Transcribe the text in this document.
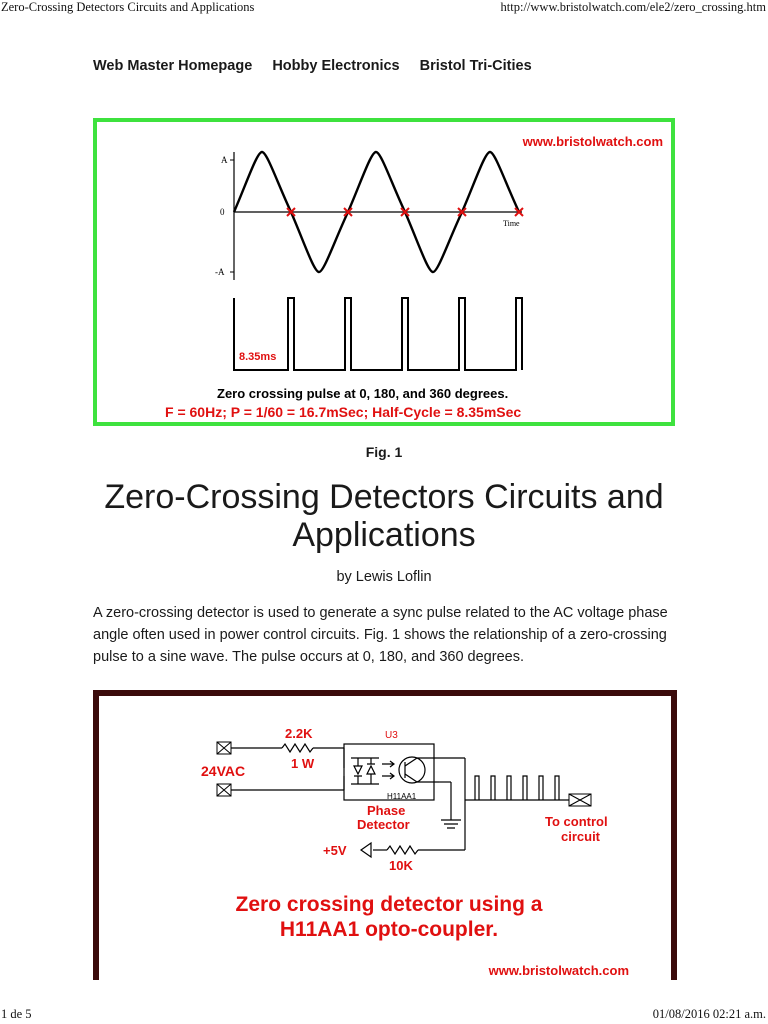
Zero-Crossing Detectors Circuits and Applications	http://www.bristolwatch.com/ele2/zero_crossing.htm
Web Master Homepage Hobby Electronics Bristol Tri-Cities
www.bristolwatch.com
A
0
-A
Time
8.35ms
Zero crossing pulse at 0, 180, and 360 degrees.
F = 60Hz; P = 1/60 = 16.7mSec; Half-Cycle = 8.35mSec
Fig. 1
Zero-Crossing Detectors Circuits and Applications
by Lewis Loflin

A zero-crossing detector is used to generate a sync pulse related to the AC voltage phase angle often used in power control circuits. Fig. 1 shows the relationship of a zero-crossing pulse to a sine wave. The pulse occurs at 0, 180, and 360 degrees.

2.2K
1 W
24VAC
U3
H11AA1
Phase
Detector
+5V
10K
To control
circuit
Zero crossing detector using a
H11AA1 opto-coupler.
www.bristolwatch.com
1 de 5	01/08/2016 02:21 a.m.
